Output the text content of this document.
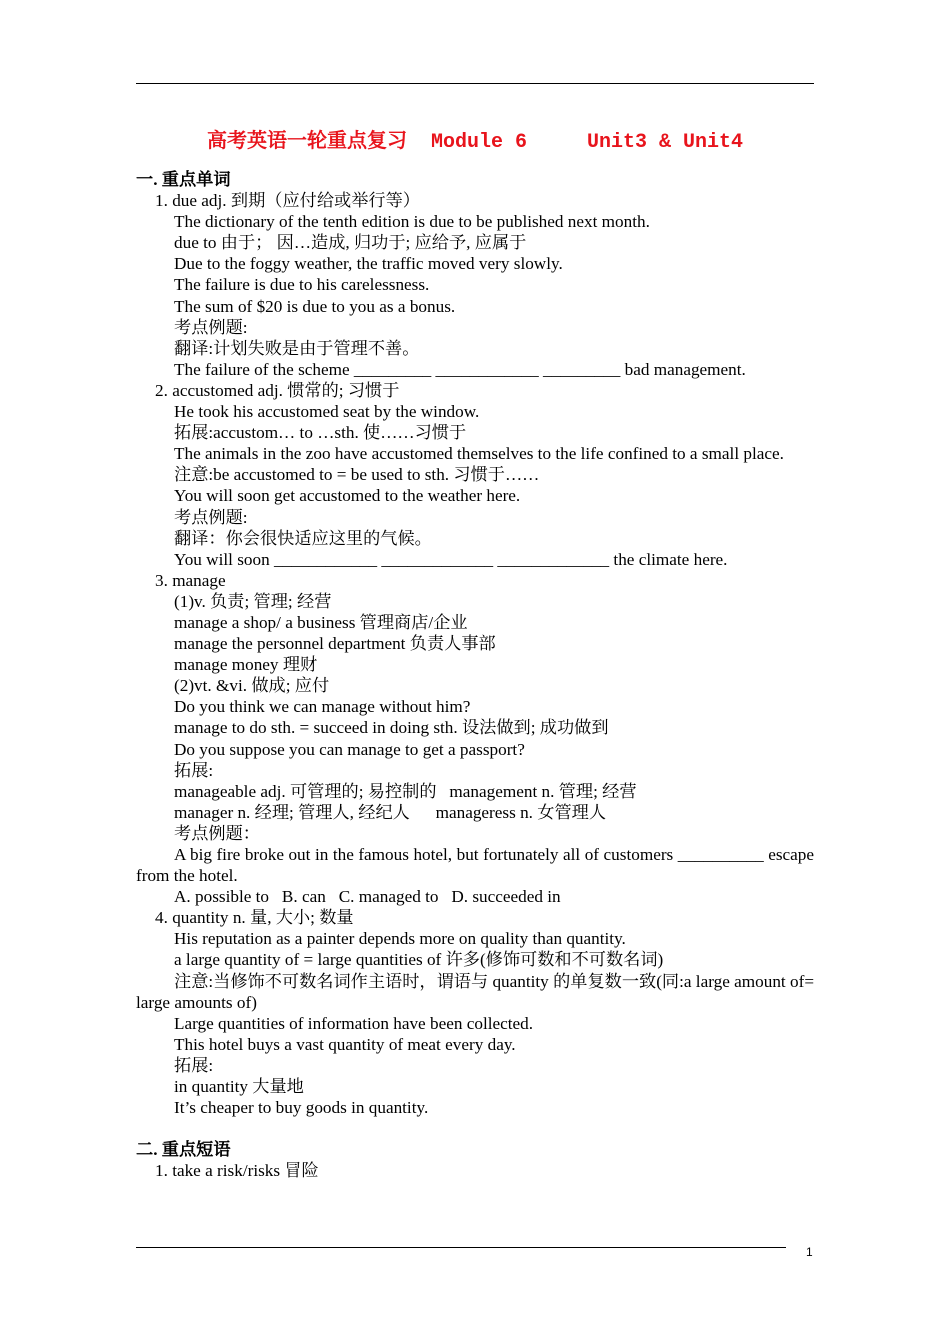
高考英语一轮重点复习 Module 6	Unit3 & Unit4
一. 重点单词
1. due adj. 到期（应付给或举行等）
The dictionary of the tenth edition is due to be published next month.
due to 由于； 因…造成, 归功于; 应给予, 应属于
Due to the foggy weather, the traffic moved very slowly.
The failure is due to his carelessness.
The sum of $20 is due to you as a bonus.
考点例题:
翻译:计划失败是由于管理不善。
The failure of the scheme _________ ____________ _________ bad management.
2. accustomed adj. 惯常的; 习惯于
He took his accustomed seat by the window.
拓展:accustom… to …sth. 使……习惯于
The animals in the zoo have accustomed themselves to the life confined to a small place.
注意:be accustomed to = be used to sth. 习惯于……
You will soon get accustomed to the weather here.
考点例题:
翻译：你会很快适应这里的气候。
You will soon ____________ _____________ _____________ the climate here.
3. manage
(1)v. 负责; 管理; 经营
manage a shop/ a business 管理商店/企业
manage the personnel department 负责人事部
manage money 理财
(2)vt. &vi. 做成; 应付
Do you think we can manage without him?
manage to do sth. = succeed in doing sth. 设法做到; 成功做到
Do you suppose you can manage to get a passport?
拓展:
manageable adj. 可管理的; 易控制的   management n. 管理; 经营
manager n. 经理; 管理人, 经纪人      manageress n. 女管理人
考点例题：
A big fire broke out in the famous hotel, but fortunately all of customers __________ escape from the hotel.
A. possible to   B. can   C. managed to   D. succeeded in
4. quantity n. 量, 大小; 数量
His reputation as a painter depends more on quality than quantity.
a large quantity of = large quantities of 许多(修饰可数和不可数名词)
注意:当修饰不可数名词作主语时，谓语与 quantity 的单复数一致(同:a large amount of= large amounts of)
Large quantities of information have been collected.
This hotel buys a vast quantity of meat every day.
拓展:
in quantity 大量地
It’s cheaper to buy goods in quantity.
二. 重点短语
1. take a risk/risks 冒险
1
